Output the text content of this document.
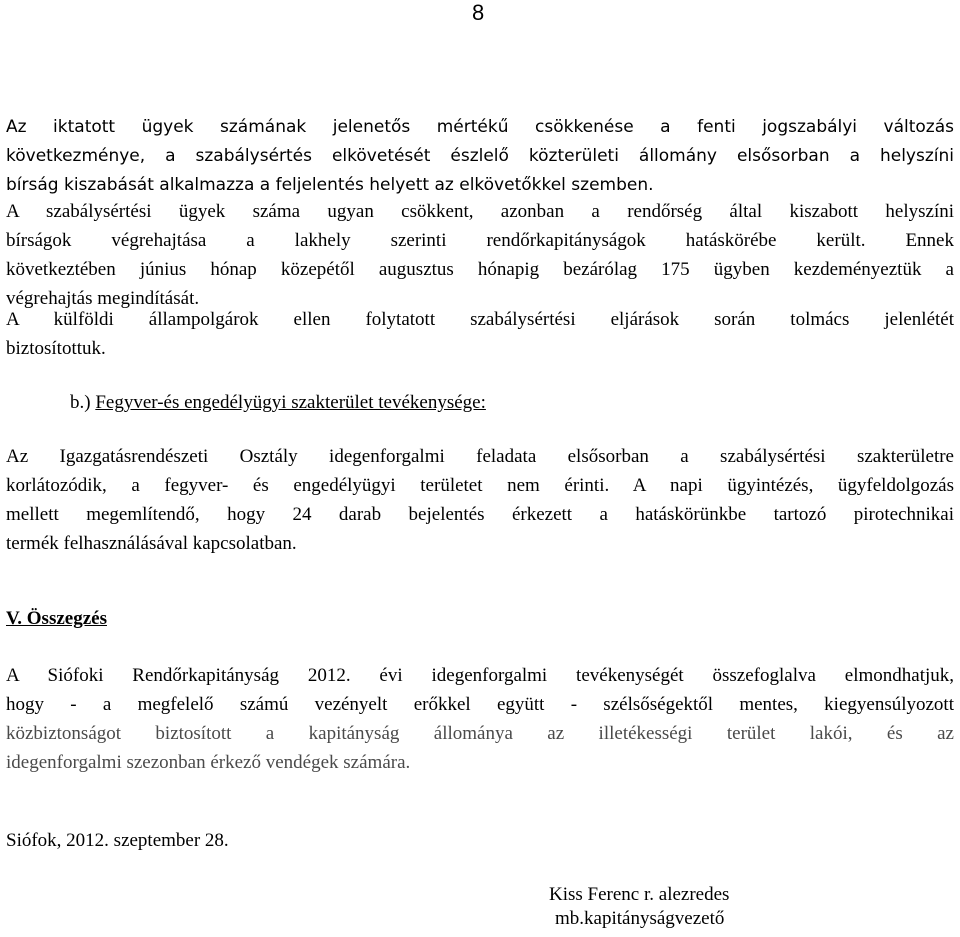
8
Az iktatott ügyek számának jelenetős mértékű csökkenése a fenti jogszabályi változás
következménye, a szabálysértés elkövetését észlelő közterületi állomány elsősorban a helyszíni
bírság kiszabását alkalmazza a feljelentés helyett az elkövetőkkel szemben.
A szabálysértési ügyek száma ugyan csökkent, azonban a rendőrség által kiszabott helyszíni
bírságok végrehajtása a lakhely szerinti rendőrkapitányságok hatáskörébe került. Ennek
következtében június hónap közepétől augusztus hónapig bezárólag 175 ügyben kezdeményeztük a
végrehajtás megindítását.
A külföldi állampolgárok ellen folytatott szabálysértési eljárások során tolmács jelenlétét
biztosítottuk.
b.) Fegyver-és engedélyügyi szakterület tevékenysége:
Az Igazgatásrendészeti Osztály idegenforgalmi feladata elsősorban a szabálysértési szakterületre
korlátozódik, a fegyver- és engedélyügyi területet nem érinti. A napi ügyintézés, ügyfeldolgozás
mellett megemlítendő, hogy 24 darab bejelentés érkezett a hatáskörünkbe tartozó pirotechnikai
termék felhasználásával kapcsolatban.
V. Összegzés
A Siófoki Rendőrkapitányság 2012. évi idegenforgalmi tevékenységét összefoglalva elmondhatjuk,
hogy - a megfelelő számú vezényelt erőkkel együtt - szélsőségektől mentes, kiegyensúlyozott
közbiztonságot biztosított a kapitányság állománya az illetékességi terület lakói, és az
idegenforgalmi szezonban érkező vendégek számára.
Siófok, 2012. szeptember 28.
Kiss Ferenc r. alezredes
mb.kapitányságvezető
